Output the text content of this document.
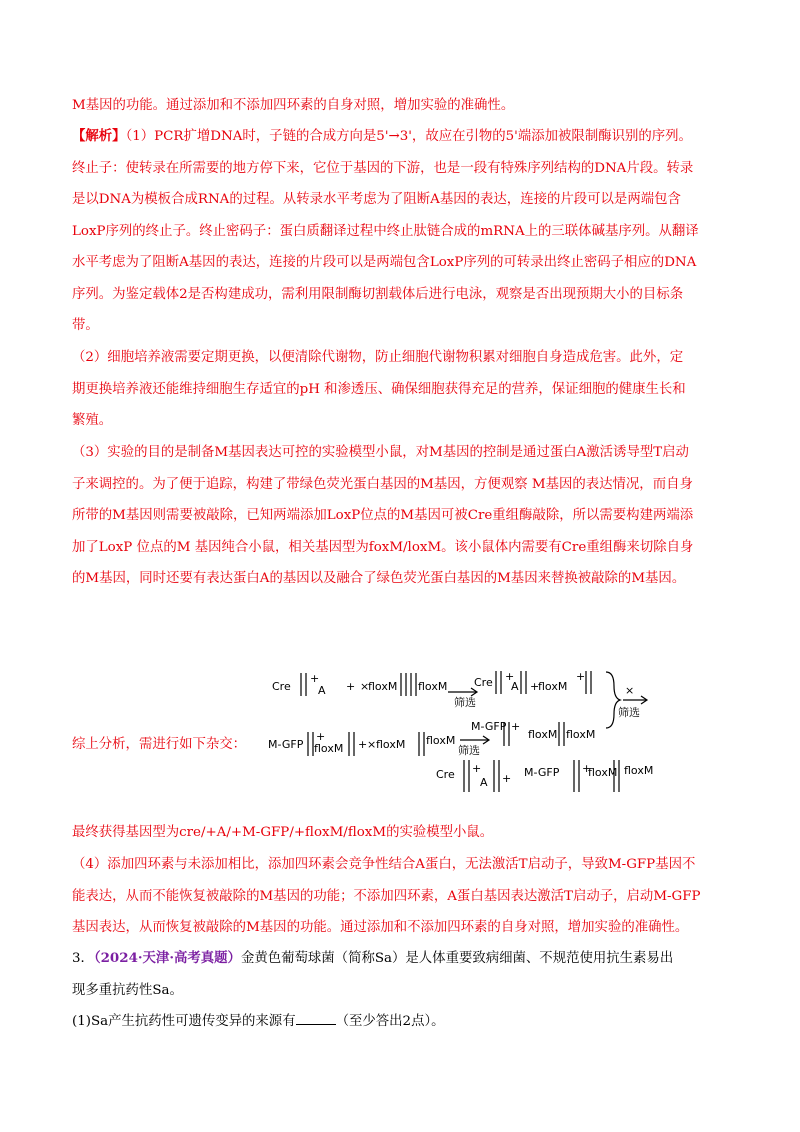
M基因的功能。通过添加和不添加四环素的自身对照，增加实验的准确性。
【解析】（1）PCR扩增DNA时，子链的合成方向是5'→3'，故应在引物的5'端添加被限制酶识别的序列。
终止子：使转录在所需要的地方停下来，它位于基因的下游，也是一段有特殊序列结构的DNA片段。转录
是以DNA为模板合成RNA的过程。从转录水平考虑为了阻断A基因的表达，连接的片段可以是两端包含
LoxP序列的终止子。终止密码子：蛋白质翻译过程中终止肽链合成的mRNA上的三联体碱基序列。从翻译
水平考虑为了阻断A基因的表达，连接的片段可以是两端包含LoxP序列的可转录出终止密码子相应的DNA
序列。为鉴定载体2是否构建成功，需利用限制酶切割载体后进行电泳，观察是否出现预期大小的目标条
带。
（2）细胞培养液需要定期更换，以便清除代谢物，防止细胞代谢物积累对细胞自身造成危害。此外，定
期更换培养液还能维持细胞生存适宜的pH 和渗透压、确保细胞获得充足的营养，保证细胞的健康生长和
繁殖。
（3）实验的目的是制备M基因表达可控的实验模型小鼠，对M基因的控制是通过蛋白A激活诱导型T启动
子来调控的。为了便于追踪，构建了带绿色荧光蛋白基因的M基因，方便观察 M基因的表达情况，而自身
所带的M基因则需要被敲除，已知两端添加LoxP位点的M基因可被Cre重组酶敲除，所以需要构建两端添
加了LoxP 位点的M 基因纯合小鼠，相关基因型为foxM/loxM。该小鼠体内需要有Cre重组酶来切除自身
的M基因，同时还要有表达蛋白A的基因以及融合了绿色荧光蛋白基因的M基因来替换被敲除的M基因。
综上分析，需进行如下杂交：
Cre
+
A + ×
floxM floxM
筛选
Cre +
A +
floxM
+
×
筛选
M-GFP
+
floxM + × floxM floxM
筛选
M-GFP +
floxM floxM
Cre +
A + M-GFP +
floxM floxM
最终获得基因型为cre/+A/+M-GFP/+floxM/floxM的实验模型小鼠。
（4）添加四环素与未添加相比，添加四环素会竞争性结合A蛋白，无法激活T启动子，导致M-GFP基因不
能表达，从而不能恢复被敲除的M基因的功能；不添加四环素，A蛋白基因表达激活T启动子，启动M-GFP
基因表达，从而恢复被敲除的M基因的功能。通过添加和不添加四环素的自身对照，增加实验的准确性。
3．（2024·天津·高考真题）金黄色葡萄球菌（简称Sa）是人体重要致病细菌、不规范使用抗生素易出
现多重抗药性Sa。
(1)Sa产生抗药性可遗传变异的来源有	（至少答出2点）。
